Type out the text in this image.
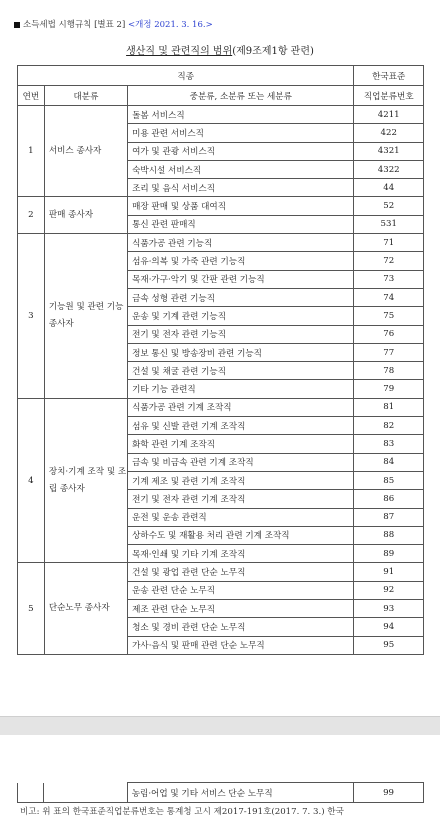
소득세법 시행규칙 [별표 2] <개정 2021. 3. 16.>
생산직 및 관련직의 범위(제9조제1항 관련)
직종			한국표준
연번	대분류	중분류, 소분류 또는 세분류	직업분류번호
1	서비스 종사자	돌봄 서비스직	4211
		미용 관련 서비스직	422
		여가 및 관광 서비스직	4321
		숙박시설 서비스직	4322
		조리 및 음식 서비스직	44
2	판매 종사자	매장 판매 및 상품 대여직	52
		통신 관련 판매직	531
3	기능원 및 관련 기능 종사자	식품가공 관련 기능직	71
		섬유·의복 및 가죽 관련 기능직	72
		목재·가구·악기 및 간판 관련 기능직	73
		금속 성형 관련 기능직	74
		운송 및 기계 관련 기능직	75
		전기 및 전자 관련 기능직	76
		정보 통신 및 방송장비 관련 기능직	77
		건설 및 채굴 관련 기능직	78
		기타 기능 관련직	79
4	장치·기계 조작 및 조립 종사자	식품가공 관련 기계 조작직	81
		섬유 및 신발 관련 기계 조작직	82
		화학 관련 기계 조작직	83
		금속 및 비금속 관련 기계 조작직	84
		기계 제조 및 관련 기계 조작직	85
		전기 및 전자 관련 기계 조작직	86
		운전 및 운송 관련직	87
		상하수도 및 재활용 처리 관련 기계 조작직	88
		목재·인쇄 및 기타 기계 조작직	89
5	단순노무 종사자	건설 및 광업 관련 단순 노무직	91
		운송 관련 단순 노무직	92
		제조 관련 단순 노무직	93
		청소 및 경비 관련 단순 노무직	94
		가사·음식 및 판매 관련 단순 노무직	95
		농림·어업 및 기타 서비스 단순 노무직	99
비고: 위 표의 한국표준직업분류번호는 통계청 고시 제2017-191호(2017. 7. 3.) 한국
